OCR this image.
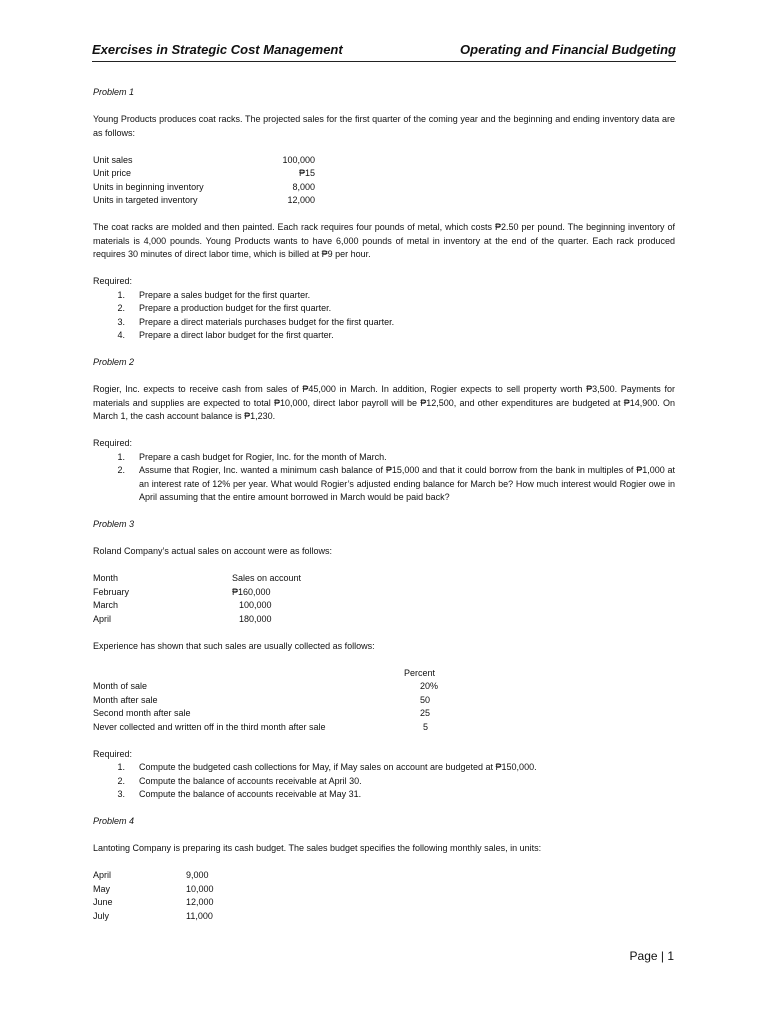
Exercises in Strategic Cost Management	Operating and Financial Budgeting
Problem 1
Young Products produces coat racks. The projected sales for the first quarter of the coming year and the beginning and ending inventory data are as follows:
Unit sales	100,000
Unit price	₱15
Units in beginning inventory	8,000
Units in targeted inventory	12,000
The coat racks are molded and then painted. Each rack requires four pounds of metal, which costs ₱2.50 per pound. The beginning inventory of materials is 4,000 pounds. Young Products wants to have 6,000 pounds of metal in inventory at the end of the quarter. Each rack produced requires 30 minutes of direct labor time, which is billed at ₱9 per hour.
Required:
1.	Prepare a sales budget for the first quarter.
2.	Prepare a production budget for the first quarter.
3.	Prepare a direct materials purchases budget for the first quarter.
4.	Prepare a direct labor budget for the first quarter.
Problem 2
Rogier, Inc. expects to receive cash from sales of ₱45,000 in March. In addition, Rogier expects to sell property worth ₱3,500. Payments for materials and supplies are expected to total ₱10,000, direct labor payroll will be ₱12,500, and other expenditures are budgeted at ₱14,900. On March 1, the cash account balance is ₱1,230.
Required:
1.	Prepare a cash budget for Rogier, Inc. for the month of March.
2.	Assume that Rogier, Inc. wanted a minimum cash balance of ₱15,000 and that it could borrow from the bank in multiples of ₱1,000 at an interest rate of 12% per year. What would Rogier’s adjusted ending balance for March be? How much interest would Rogier owe in April assuming that the entire amount borrowed in March would be paid back?
Problem 3
Roland Company’s actual sales on account were as follows:
Month	Sales on account
February	₱160,000
March	100,000
April	180,000
Experience has shown that such sales are usually collected as follows:
Percent
Month of sale	20%
Month after sale	50
Second month after sale	25
Never collected and written off in the third month after sale	5
Required:
1.	Compute the budgeted cash collections for May, if May sales on account are budgeted at ₱150,000.
2.	Compute the balance of accounts receivable at April 30.
3.	Compute the balance of accounts receivable at May 31.
Problem 4
Lantoting Company is preparing its cash budget. The sales budget specifies the following monthly sales, in units:
April	9,000
May	10,000
June	12,000
July	11,000
Page | 1
